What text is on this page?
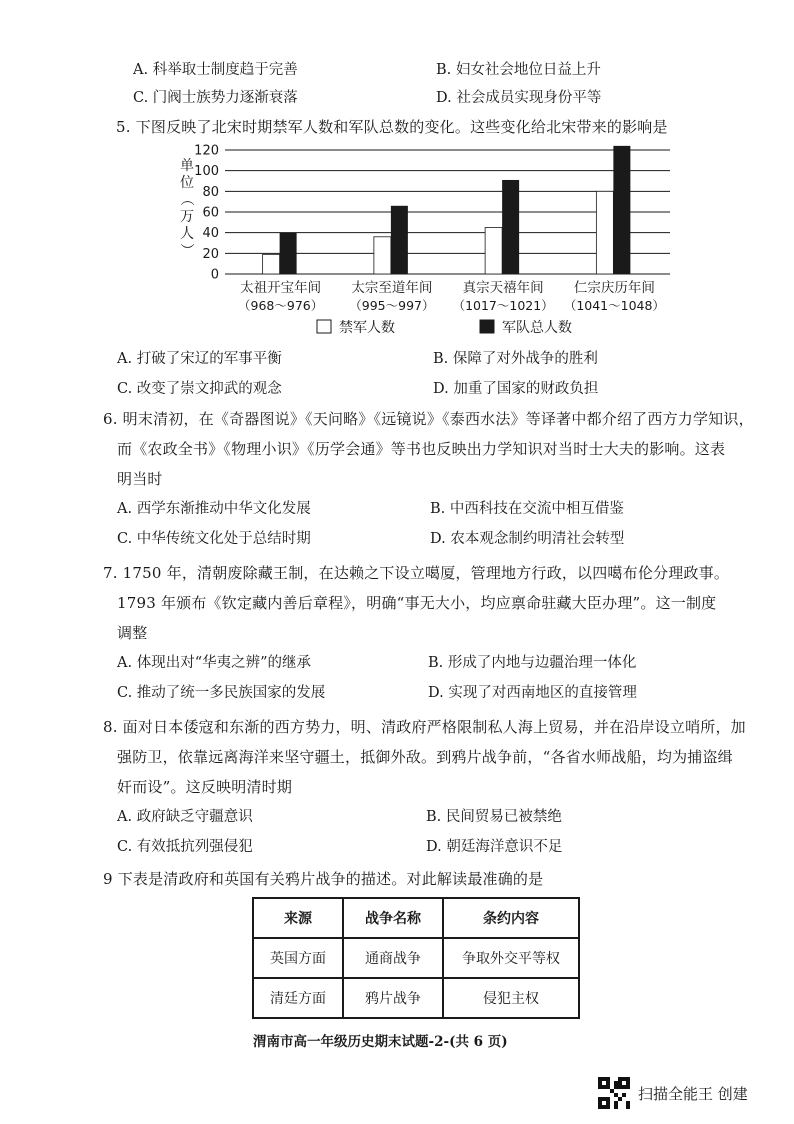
A. 科举取士制度趋于完善	B. 妇女社会地位日益上升
C. 门阀士族势力逐渐衰落	D. 社会成员实现身份平等
5. 下图反映了北宋时期禁军人数和军队总数的变化。这些变化给北宋带来的影响是
0
20
40
60
80
100
120
太祖开宝年间
（968～976）
太宗至道年间
（995～997）
真宗天禧年间
（1017～1021）
仁宗庆历年间
（1041～1048）
单
位
（
万
人
）
禁军人数	军队总人数
A. 打破了宋辽的军事平衡	B. 保障了对外战争的胜利
C. 改变了崇文抑武的观念	D. 加重了国家的财政负担
6. 明末清初，在《奇器图说》《天问略》《远镜说》《泰西水法》等译著中都介绍了西方力学知识，
而《农政全书》《物理小识》《历学会通》等书也反映出力学知识对当时士大夫的影响。这表
明当时
A. 西学东渐推动中华文化发展	B. 中西科技在交流中相互借鉴
C. 中华传统文化处于总结时期	D. 农本观念制约明清社会转型
7. 1750 年，清朝废除藏王制，在达赖之下设立噶厦，管理地方行政，以四噶布伦分理政事。
1793 年颁布《钦定藏内善后章程》，明确“事无大小，均应禀命驻藏大臣办理”。这一制度
调整
A. 体现出对“华夷之辨”的继承	B. 形成了内地与边疆治理一体化
C. 推动了统一多民族国家的发展	D. 实现了对西南地区的直接管理
8. 面对日本倭寇和东渐的西方势力，明、清政府严格限制私人海上贸易，并在沿岸设立哨所，加
强防卫，依靠远离海洋来坚守疆土，抵御外敌。到鸦片战争前，“各省水师战船，均为捕盗缉
奸而设”。这反映明清时期
A. 政府缺乏守疆意识	B. 民间贸易已被禁绝
C. 有效抵抗列强侵犯	D. 朝廷海洋意识不足
9 下表是清政府和英国有关鸦片战争的描述。对此解读最准确的是
来源	战争名称	条约内容
英国方面	通商战争	争取外交平等权
清廷方面	鸦片战争	侵犯主权
渭南市高一年级历史期末试题-2-(共 6 页)
扫描全能王 创建
